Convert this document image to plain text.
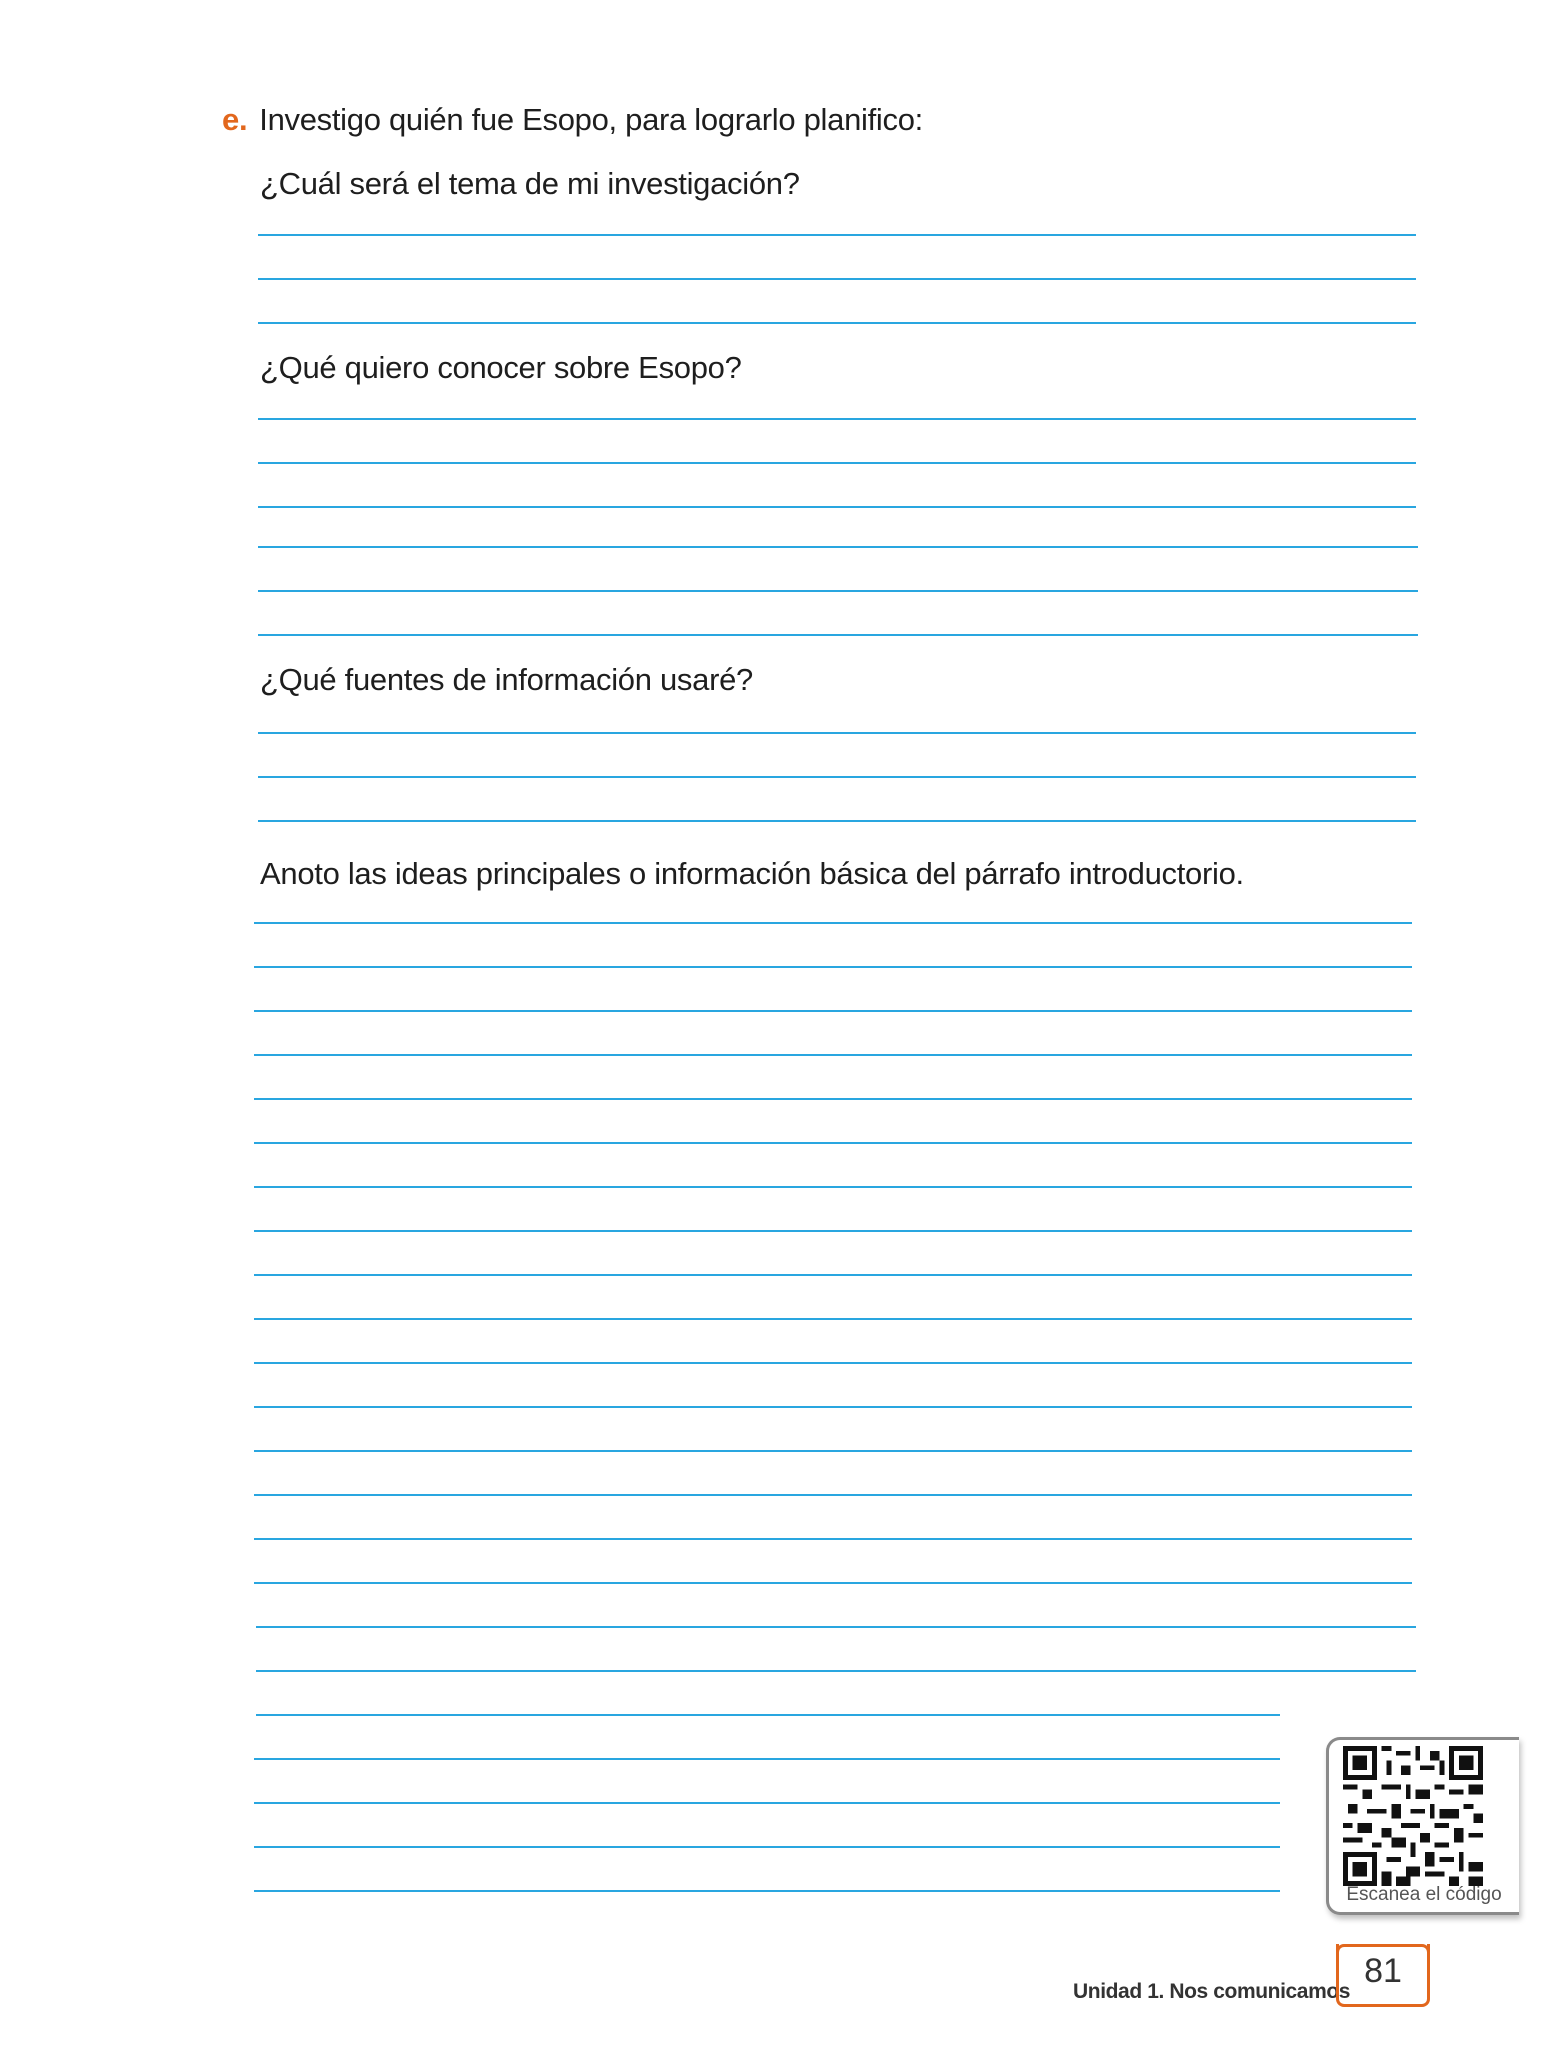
e. Investigo quién fue Esopo, para lograrlo planifico:
¿Cuál será el tema de mi investigación?
¿Qué quiero conocer sobre Esopo?
¿Qué fuentes de información usaré?
Anoto las ideas principales o información básica del párrafo introductorio.
Escanea el código
Unidad 1. Nos comunicamos
81
